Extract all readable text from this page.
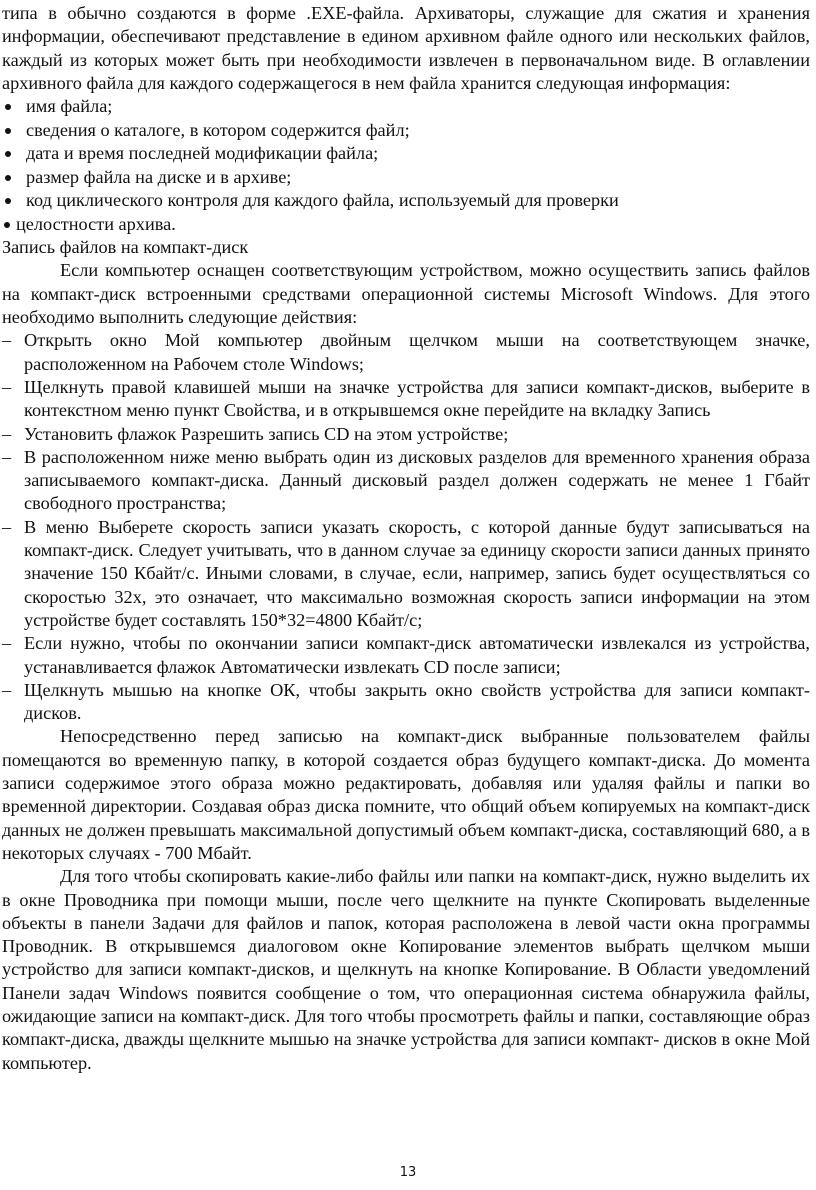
типа в обычно создаются в форме .EXE-файла. Архиваторы, служащие для сжатия и хранения информации, обеспечивают представление в едином архивном файле одного или нескольких файлов, каждый из которых может быть при необходимости извлечен в первоначальном виде. В оглавлении архивного файла для каждого содержащегося в нем файла хранится следующая информация:

имя файла;
сведения о каталоге, в котором содержится файл;
дата и время последней модификации файла;
размер файла на диске и в архиве;
код циклического контроля для каждого файла, используемый для проверки
целостности архива.

Запись файлов на компакт-диск

Если компьютер оснащен соответствующим устройством, можно осуществить запись файлов на компакт-диск встроенными средствами операционной системы Microsoft Windows. Для этого необходимо выполнить следующие действия:

– Открыть окно Мой компьютер двойным щелчком мыши на соответствующем значке, расположенном на Рабочем столе Windows;
– Щелкнуть правой клавишей мыши на значке устройства для записи компакт-дисков, выберите в контекстном меню пункт Свойства, и в открывшемся окне перейдите на вкладку Запись
– Установить флажок Разрешить запись CD на этом устройстве;
– В расположенном ниже меню выбрать один из дисковых разделов для временного хранения образа записываемого компакт-диска. Данный дисковый раздел должен содержать не менее 1 Гбайт свободного пространства;
– В меню Выберете скорость записи указать скорость, с которой данные будут записываться на компакт-диск. Следует учитывать, что в данном случае за единицу скорости записи данных принято значение 150 Кбайт/с. Иными словами, в случае, если, например, запись будет осуществляться со скоростью 32x, это означает, что максимально возможная скорость записи информации на этом устройстве будет составлять 150*32=4800 Кбайт/с;
– Если нужно, чтобы по окончании записи компакт-диск автоматически извлекался из устройства, устанавливается флажок Автоматически извлекать CD после записи;
– Щелкнуть мышью на кнопке ОК, чтобы закрыть окно свойств устройства для записи компакт-дисков.

Непосредственно перед записью на компакт-диск выбранные пользователем файлы помещаются во временную папку, в которой создается образ будущего компакт-диска. До момента записи содержимое этого образа можно редактировать, добавляя или удаляя файлы и папки во временной директории. Создавая образ диска помните, что общий объем копируемых на компакт-диск данных не должен превышать максимальной допустимый объем компакт-диска, составляющий 680, а в некоторых случаях - 700 Мбайт.

Для того чтобы скопировать какие-либо файлы или папки на компакт-диск, нужно выделить их в окне Проводника при помощи мыши, после чего щелкните на пункте Скопировать выделенные объекты в панели Задачи для файлов и папок, которая расположена в левой части окна программы Проводник. В открывшемся диалоговом окне Копирование элементов выбрать щелчком мыши устройство для записи компакт-дисков, и щелкнуть на кнопке Копирование. В Области уведомлений Панели задач Windows появится сообщение о том, что операционная система обнаружила файлы, ожидающие записи на компакт-диск. Для того чтобы просмотреть файлы и папки, составляющие образ компакт-диска, дважды щелкните мышью на значке устройства для записи компакт- дисков в окне Мой компьютер.

13
